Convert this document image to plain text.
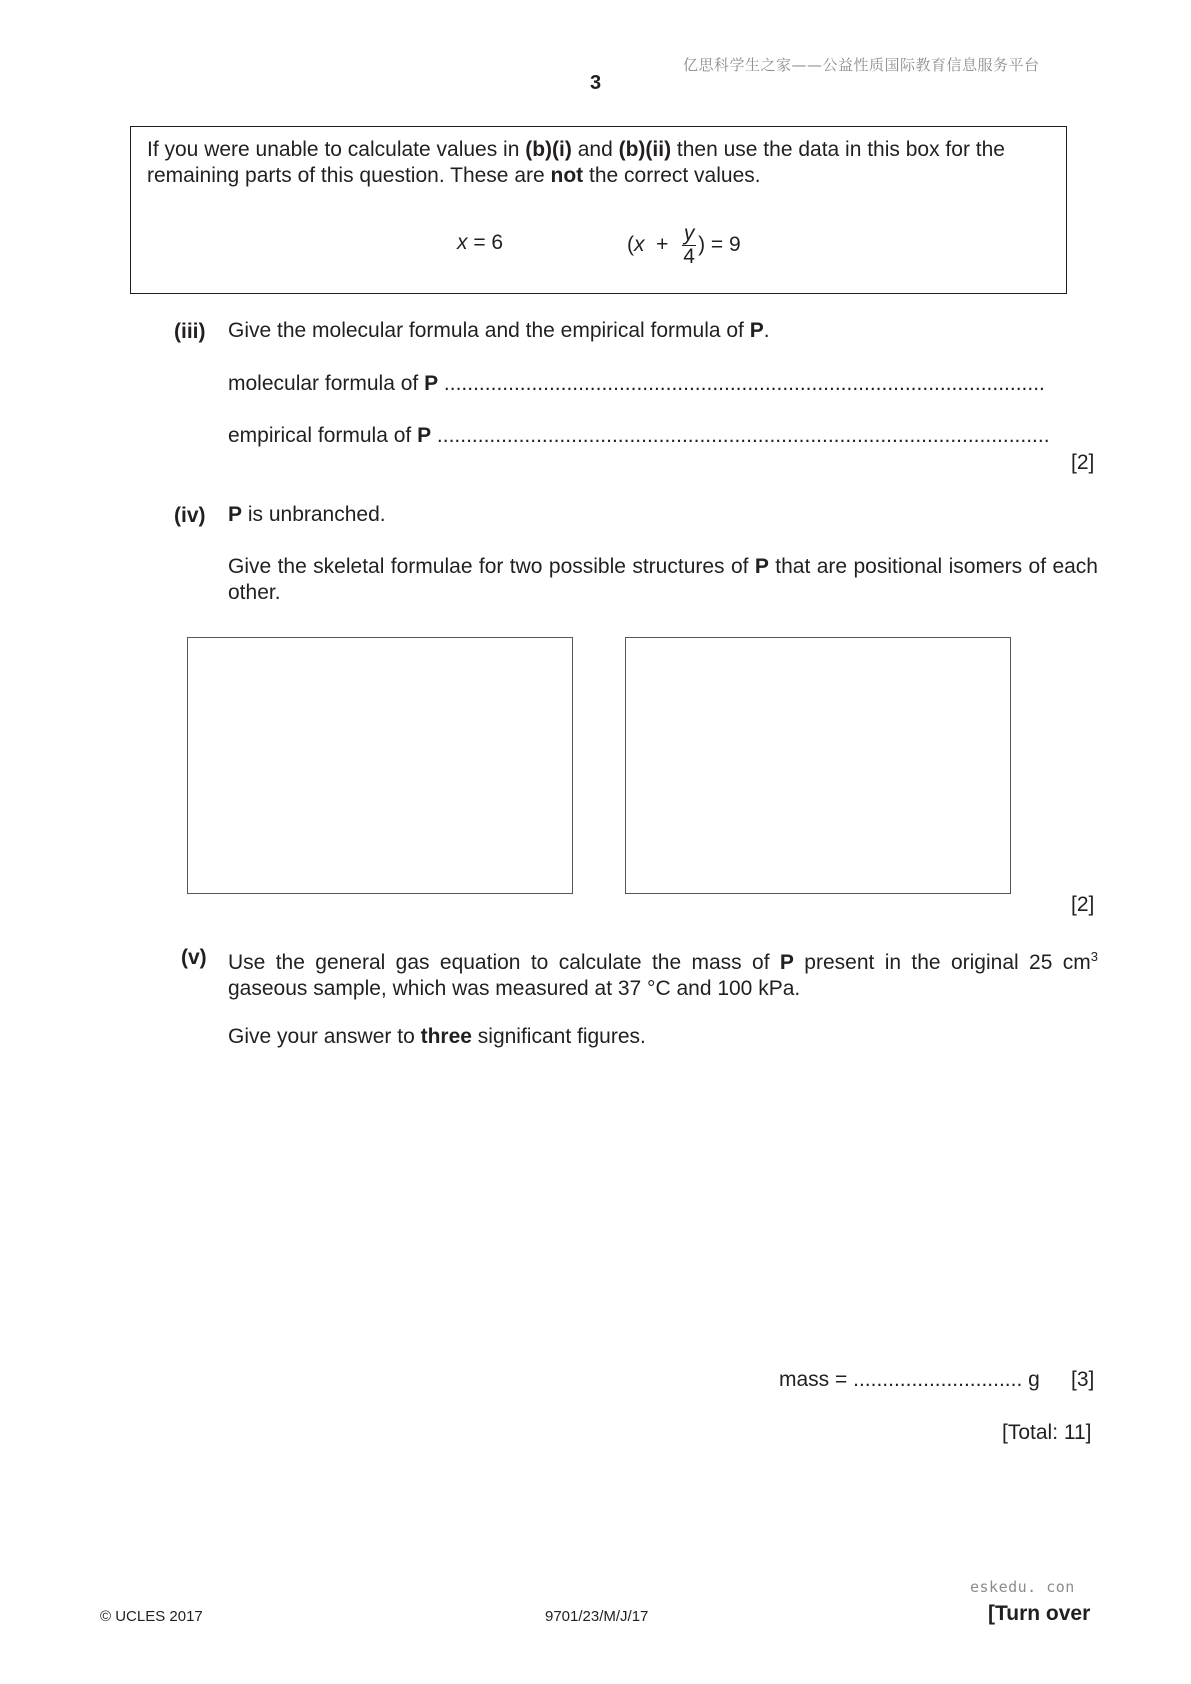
亿思科学生之家——公益性质国际教育信息服务平台
3
If you were unable to calculate values in (b)(i) and (b)(ii) then use the data in this box for the remaining parts of this question. These are not the correct values.
x = 6	( $x + \frac{y}{4}$ ) = 9
(iii) Give the molecular formula and the empirical formula of P.
molecular formula of P .......................................................................................................
empirical formula of P .........................................................................................................
[2]
(iv) P is unbranched.
Give the skeletal formulae for two possible structures of P that are positional isomers of each other.
[2]
(v) Use the general gas equation to calculate the mass of P present in the original 25 $cm^3$ gaseous sample, which was measured at 37 °C and 100 kPa.
Give your answer to three significant figures.
mass = ............................. g [3]
[Total: 11]
eskedu. con
© UCLES 2017	9701/23/M/J/17	[Turn over
